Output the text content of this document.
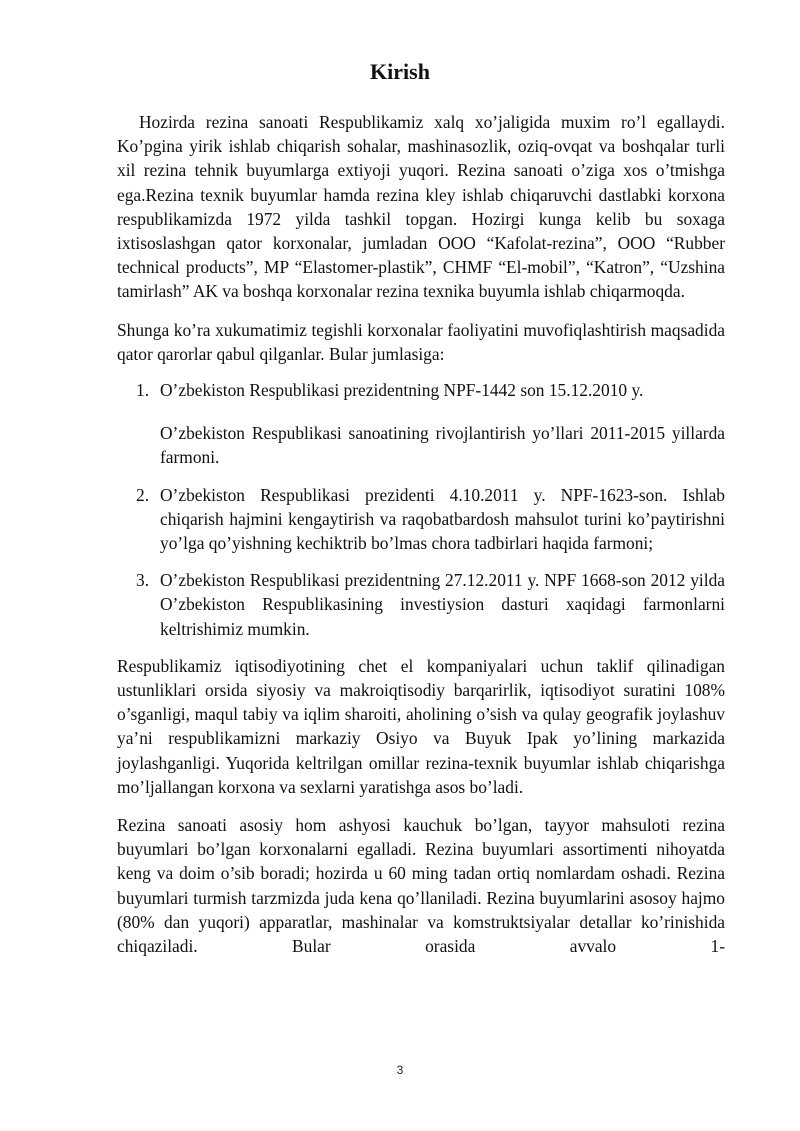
Kirish

Hozirda rezina sanoati Respublikamiz xalq xo’jaligida muxim ro’l egallaydi. Ko’pgina yirik ishlab chiqarish sohalar, mashinasozlik, oziq-ovqat va boshqalar turli xil rezina tehnik buyumlarga extiyoji yuqori. Rezina sanoati o’ziga xos o’tmishga ega.Rezina texnik buyumlar hamda rezina kley ishlab chiqaruvchi dastlabki korxona respublikamizda 1972 yilda tashkil topgan. Hozirgi kunga kelib bu soxaga ixtisoslashgan qator korxonalar, jumladan OOO “Kafolat-rezina”, OOO “Rubber technical products”, MP “Elastomer-plastik”, CHMF “El-mobil”, “Katron”, “Uzshina tamirlash” AK va boshqa korxonalar rezina texnika buyumla ishlab chiqarmoqda.

Shunga ko’ra xukumatimiz tegishli korxonalar faoliyatini muvofiqlashtirish maqsadida qator qarorlar qabul qilganlar. Bular jumlasiga:

1. O’zbekiston Respublikasi prezidentning NPF-1442 son 15.12.2010 y.

O’zbekiston Respublikasi sanoatining rivojlantirish yo’llari 2011-2015 yillarda farmoni.

2. O’zbekiston Respublikasi prezidenti 4.10.2011 y. NPF-1623-son. Ishlab chiqarish hajmini kengaytirish va raqobatbardosh mahsulot turini ko’paytirishni yo’lga qo’yishning kechiktrib bo’lmas chora tadbirlari haqida farmoni;

3. O’zbekiston Respublikasi prezidentning 27.12.2011 y. NPF 1668-son 2012 yilda O’zbekiston Respublikasining investiysion dasturi xaqidagi farmonlarni keltrishimiz mumkin.

Respublikamiz iqtisodiyotining chet el kompaniyalari uchun taklif qilinadigan ustunliklari orsida siyosiy va makroiqtisodiy barqarirlik, iqtisodiyot suratini 108% o’sganligi, maqul tabiy va iqlim sharoiti, aholining o’sish va qulay geografik joylashuv ya’ni respublikamizni markaziy Osiyo va Buyuk Ipak yo’lining markazida joylashganligi. Yuqorida keltrilgan omillar rezina-texnik buyumlar ishlab chiqarishga mo’ljallangan korxona va sexlarni yaratishga asos bo’ladi.

Rezina sanoati asosiy hom ashyosi kauchuk bo’lgan, tayyor mahsuloti rezina buyumlari bo’lgan korxonalarni egalladi. Rezina buyumlari assortimenti nihoyatda keng va doim o’sib boradi; hozirda u 60 ming tadan ortiq nomlardam oshadi. Rezina buyumlari turmish tarzmizda juda kena qo’llaniladi. Rezina buyumlarini asosoy hajmo (80% dan yuqori) apparatlar, mashinalar va komstruktsiyalar detallar ko’rinishida chiqaziladi. Bular orasida avvalo 1-

3
